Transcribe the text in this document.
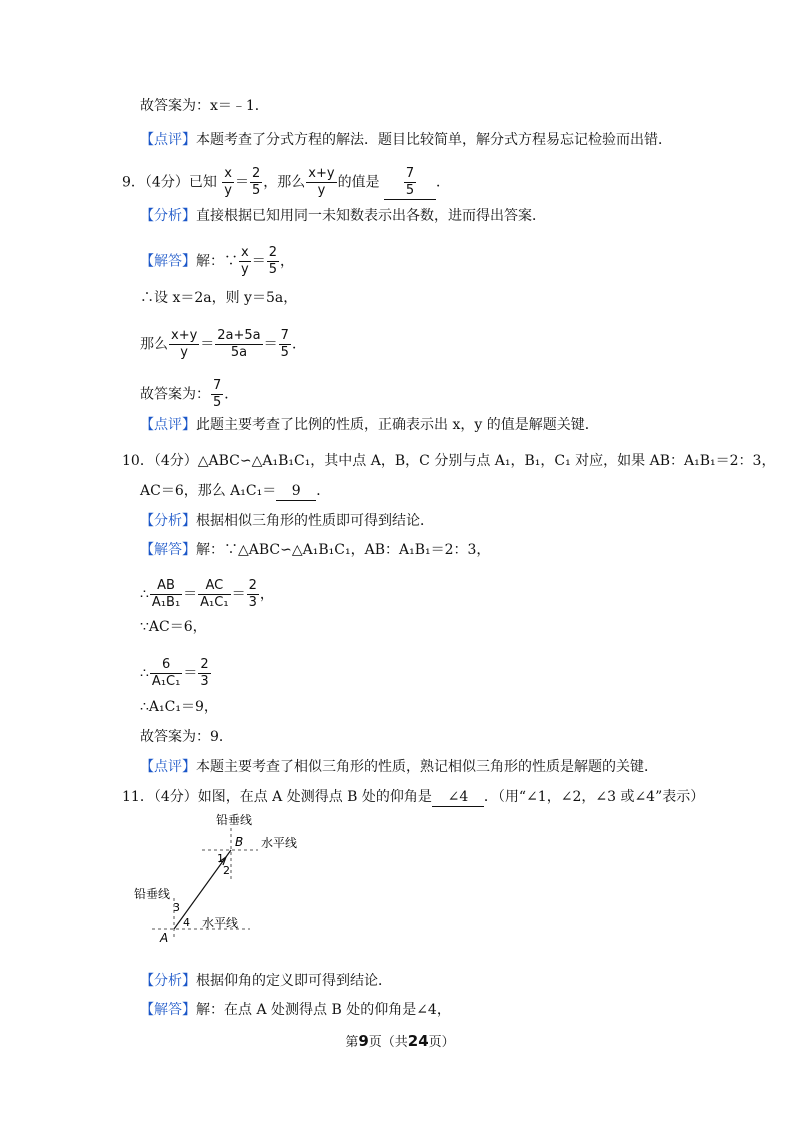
故答案为：x＝﹣1．
【点评】本题考查了分式方程的解法．题目比较简单，解分式方程易忘记检验而出错．
9．（4分）已知 $\frac{x}{y} = \frac{2}{5}$ ，那么 $\frac{x+y}{y}$ 的值是 $\frac{7}{5}$ ．
【分析】直接根据已知用同一未知数表示出各数，进而得出答案．
【解答】解：∵ $\frac{x}{y} = \frac{2}{5}$ ，
∴设 x＝2a，则 y＝5a，
那么 $\frac{x+y}{y} = \frac{2a+5a}{5a} = \frac{7}{5}$ ．
故答案为： $\frac{7}{5}$ ．
【点评】此题主要考查了比例的性质，正确表示出 x，y 的值是解题关键．
10．（4分）△ABC∽△A₁B₁C₁，其中点 A，B，C 分别与点 A₁，B₁，C₁ 对应，如果 AB：A₁B₁＝2：3，
AC＝6，那么 A₁C₁＝ 9 ．
【分析】根据相似三角形的性质即可得到结论．
【解答】解：∵△ABC∽△A₁B₁C₁，AB：A₁B₁＝2：3，
∴ $\frac{AB}{\text{A₁B₁}} = \frac{AC}{\text{A₁C₁}} = \frac{2}{3}$ ，
∵AC＝6，
∴ $\frac{6}{\text{A₁C₁}} = \frac{2}{3}$
∴A₁C₁＝9，
故答案为：9．
【点评】本题主要考查了相似三角形的性质，熟记相似三角形的性质是解题的关键．
11．（4分）如图，在点 A 处测得点 B 处的仰角是 ∠4 ．（用“∠1，∠2，∠3 或∠4”表示）
铅垂线
水平线
铅垂线
水平线
B
A
1
2
3
4
【分析】根据仰角的定义即可得到结论．
【解答】解：在点 A 处测得点 B 处的仰角是∠4，
第9页（共24页）
